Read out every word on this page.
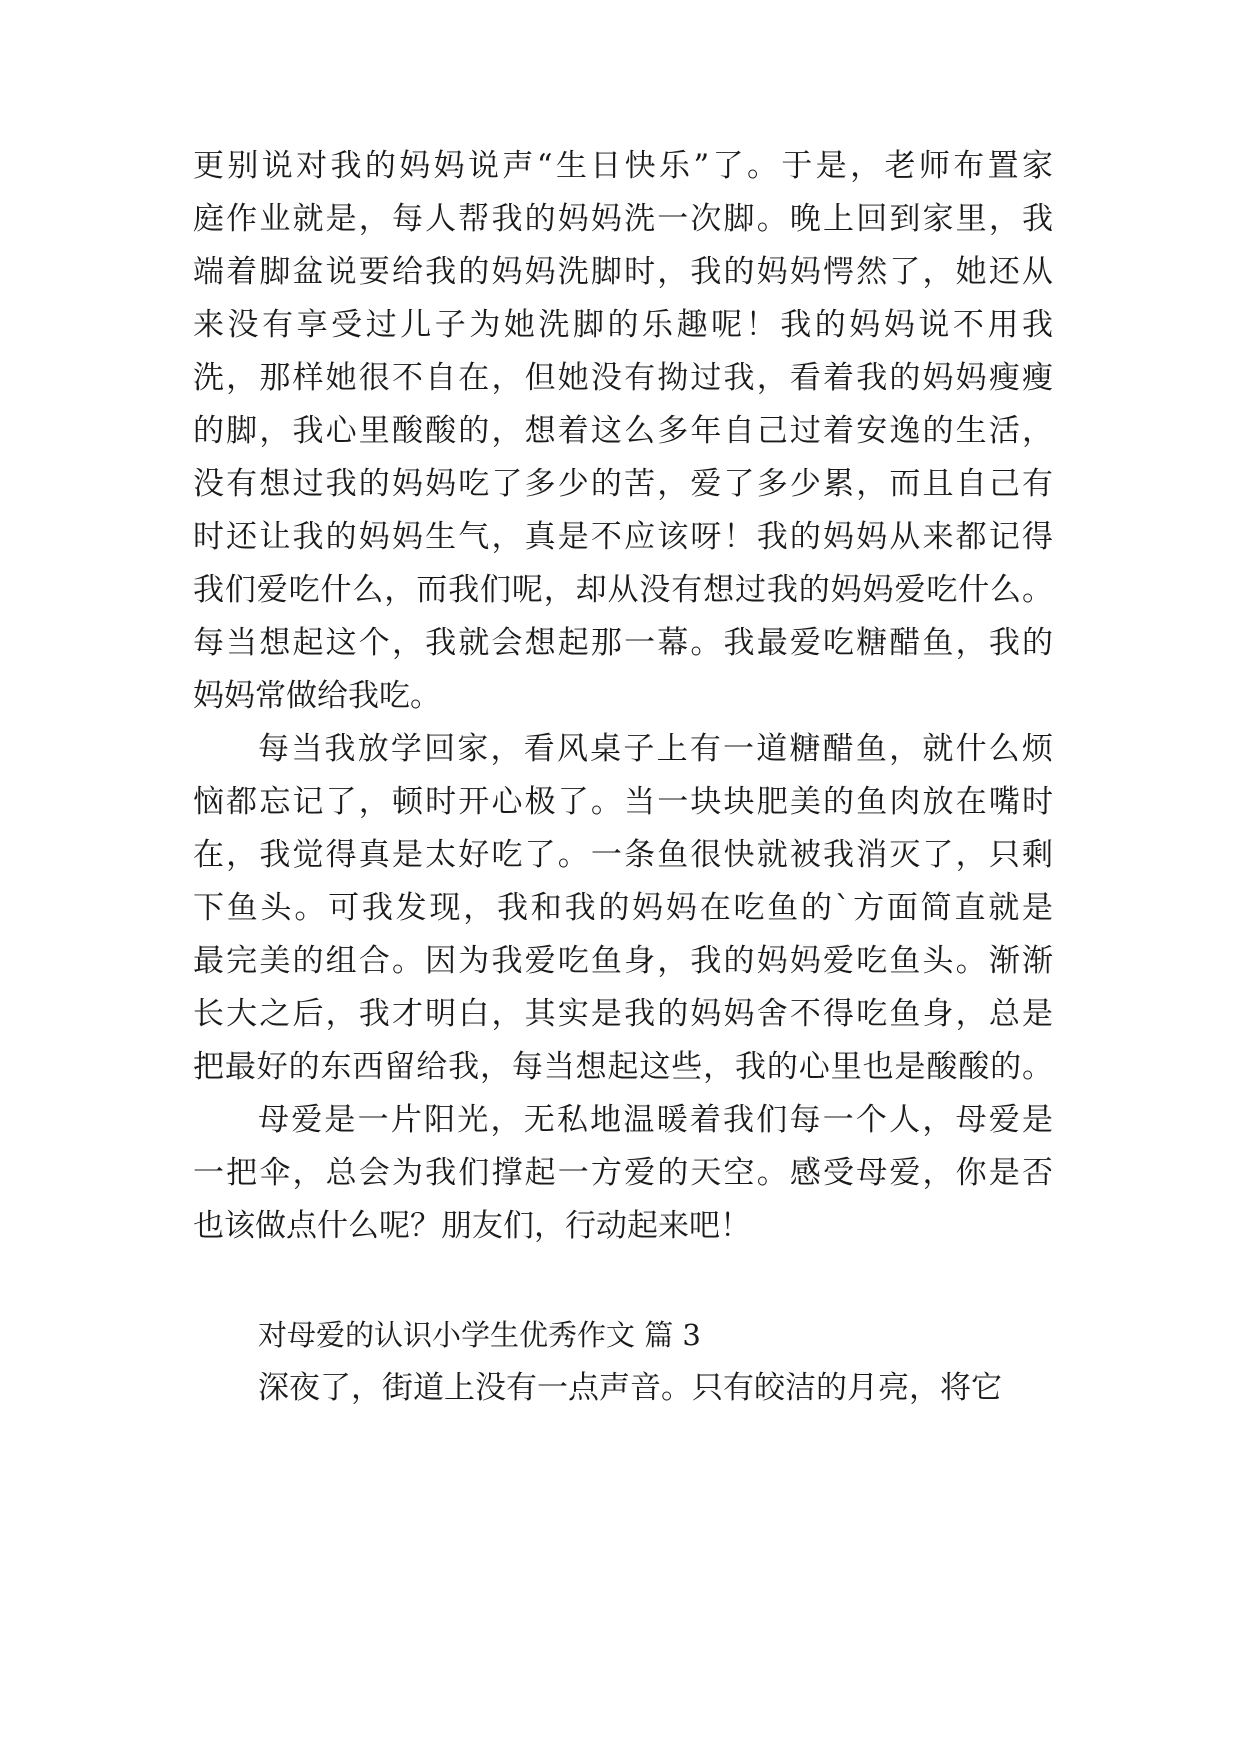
更别说对我的妈妈说声“生日快乐”了。于是，老师布置家
庭作业就是，每人帮我的妈妈洗一次脚。晚上回到家里，我
端着脚盆说要给我的妈妈洗脚时，我的妈妈愕然了，她还从
来没有享受过儿子为她洗脚的乐趣呢！我的妈妈说不用我
洗，那样她很不自在，但她没有拗过我，看着我的妈妈瘦瘦
的脚，我心里酸酸的，想着这么多年自己过着安逸的生活，
没有想过我的妈妈吃了多少的苦，爱了多少累，而且自己有
时还让我的妈妈生气，真是不应该呀！我的妈妈从来都记得
我们爱吃什么，而我们呢，却从没有想过我的妈妈爱吃什么。
每当想起这个，我就会想起那一幕。我最爱吃糖醋鱼，我的
妈妈常做给我吃。
每当我放学回家，看风桌子上有一道糖醋鱼，就什么烦
恼都忘记了，顿时开心极了。当一块块肥美的鱼肉放在嘴时
在，我觉得真是太好吃了。一条鱼很快就被我消灭了，只剩
下鱼头。可我发现，我和我的妈妈在吃鱼的`方面简直就是
最完美的组合。因为我爱吃鱼身，我的妈妈爱吃鱼头。渐渐
长大之后，我才明白，其实是我的妈妈舍不得吃鱼身，总是
把最好的东西留给我，每当想起这些，我的心里也是酸酸的。
母爱是一片阳光，无私地温暖着我们每一个人，母爱是
一把伞，总会为我们撑起一方爱的天空。感受母爱，你是否
也该做点什么呢？朋友们，行动起来吧！
对母爱的认识小学生优秀作文 篇 3
深夜了，街道上没有一点声音。只有皎洁的月亮，将它
